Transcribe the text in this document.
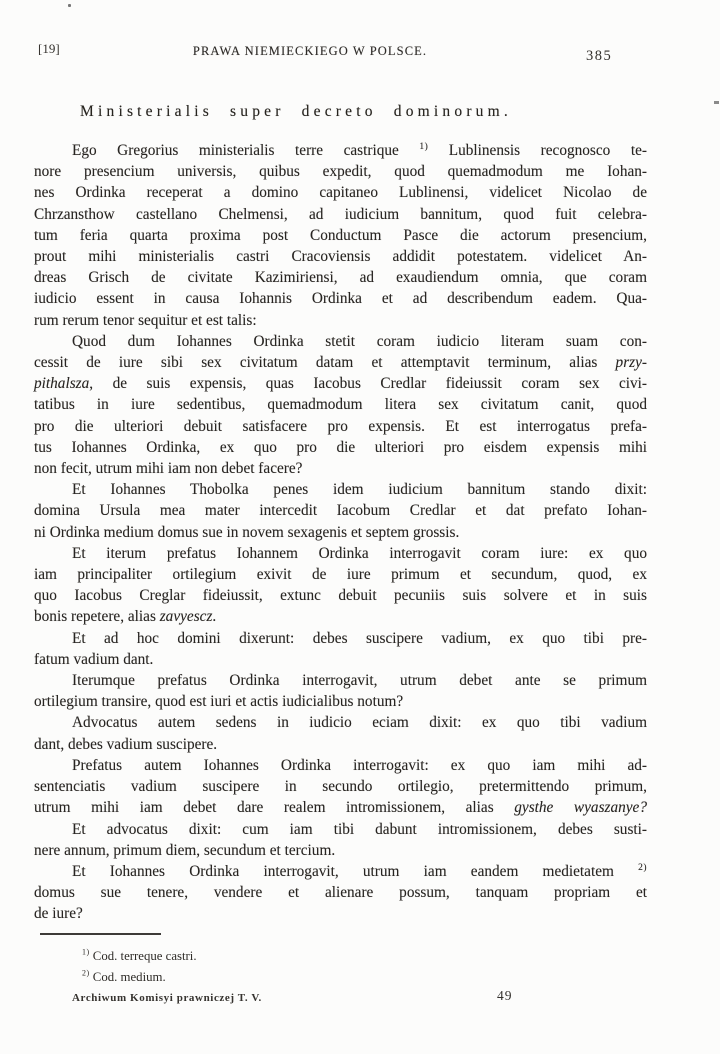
[19]	PRAWA NIEMIECKIEGO W POLSCE.	385
Ministerialis super decreto dominorum.
Ego Gregorius ministerialis terre castrique $^{1)}$ Lublinensis recognosco te-
nore presencium universis, quibus expedit, quod quemadmodum me Iohan-
nes Ordinka receperat a domino capitaneo Lublinensi, videlicet Nicolao de
Chrzansthow castellano Chelmensi, ad iudicium bannitum, quod fuit celebra-
tum feria quarta proxima post Conductum Pasce die actorum presencium,
prout mihi ministerialis castri Cracoviensis addidit potestatem. videlicet An-
dreas Grisch de civitate Kazimiriensi, ad exaudiendum omnia, que coram
iudicio essent in causa Iohannis Ordinka et ad describendum eadem. Qua-
rum rerum tenor sequitur et est talis:
Quod dum Iohannes Ordinka stetit coram iudicio literam suam con-
cessit de iure sibi sex civitatum datam et attemptavit terminum, alias przy-
pithalsza, de suis expensis, quas Iacobus Credlar fideiussit coram sex civi-
tatibus in iure sedentibus, quemadmodum litera sex civitatum canit, quod
pro die ulteriori debuit satisfacere pro expensis. Et est interrogatus prefa-
tus Iohannes Ordinka, ex quo pro die ulteriori pro eisdem expensis mihi
non fecit, utrum mihi iam non debet facere?
Et Iohannes Thobolka penes idem iudicium bannitum stando dixit:
domina Ursula mea mater intercedit Iacobum Credlar et dat prefato Iohan-
ni Ordinka medium domus sue in novem sexagenis et septem grossis.
Et iterum prefatus Iohannem Ordinka interrogavit coram iure: ex quo
iam principaliter ortilegium exivit de iure primum et secundum, quod, ex
quo Iacobus Creglar fideiussit, extunc debuit pecuniis suis solvere et in suis
bonis repetere, alias zavyescz.
Et ad hoc domini dixerunt: debes suscipere vadium, ex quo tibi pre-
fatum vadium dant.
Iterumque prefatus Ordinka interrogavit, utrum debet ante se primum
ortilegium transire, quod est iuri et actis iudicialibus notum?
Advocatus autem sedens in iudicio eciam dixit: ex quo tibi vadium
dant, debes vadium suscipere.
Prefatus autem Iohannes Ordinka interrogavit: ex quo iam mihi ad-
sentenciatis vadium suscipere in secundo ortilegio, pretermittendo primum,
utrum mihi iam debet dare realem intromissionem, alias gysthe wyaszanye?
Et advocatus dixit: cum iam tibi dabunt intromissionem, debes susti-
nere annum, primum diem, secundum et tercium.
Et Iohannes Ordinka interrogavit, utrum iam eandem medietatem $^{2)}$
domus sue tenere, vendere et alienare possum, tanquam propriam et
de iure?
$^{1)}$ Cod. terreque castri.
$^{2)}$ Cod. medium.
Archiwum Komisyi prawniczej T. V.	49
